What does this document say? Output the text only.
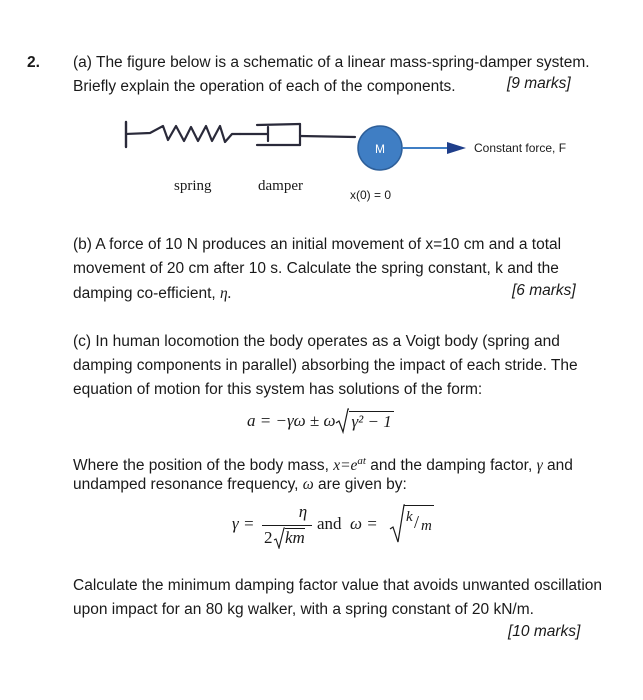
2. (a) The figure below is a schematic of a linear mass-spring-damper system.
Briefly explain the operation of each of the components.	[9 marks]
M	Constant force, F
spring	damper
x(0) = 0
(b) A force of 10 N produces an initial movement of x=10 cm and a total
movement of 20 cm after 10 s. Calculate the spring constant, k and the
damping co-efficient, η.	[6 marks]
(c) In human locomotion the body operates as a Voigt body (spring and
damping components in parallel) absorbing the impact of each stride. The
equation of motion for this system has solutions of the form:
a = −γω ± ω γ² − 1
Where the position of the body mass, $x=e^{at}$ and the damping factor, γ and
undamped resonance frequency, ω are given by:
γ =
η
2 km
and ω = k / m
Calculate the minimum damping factor value that avoids unwanted oscillation
upon impact for an 80 kg walker, with a spring constant of 20 kN/m.
[10 marks]
